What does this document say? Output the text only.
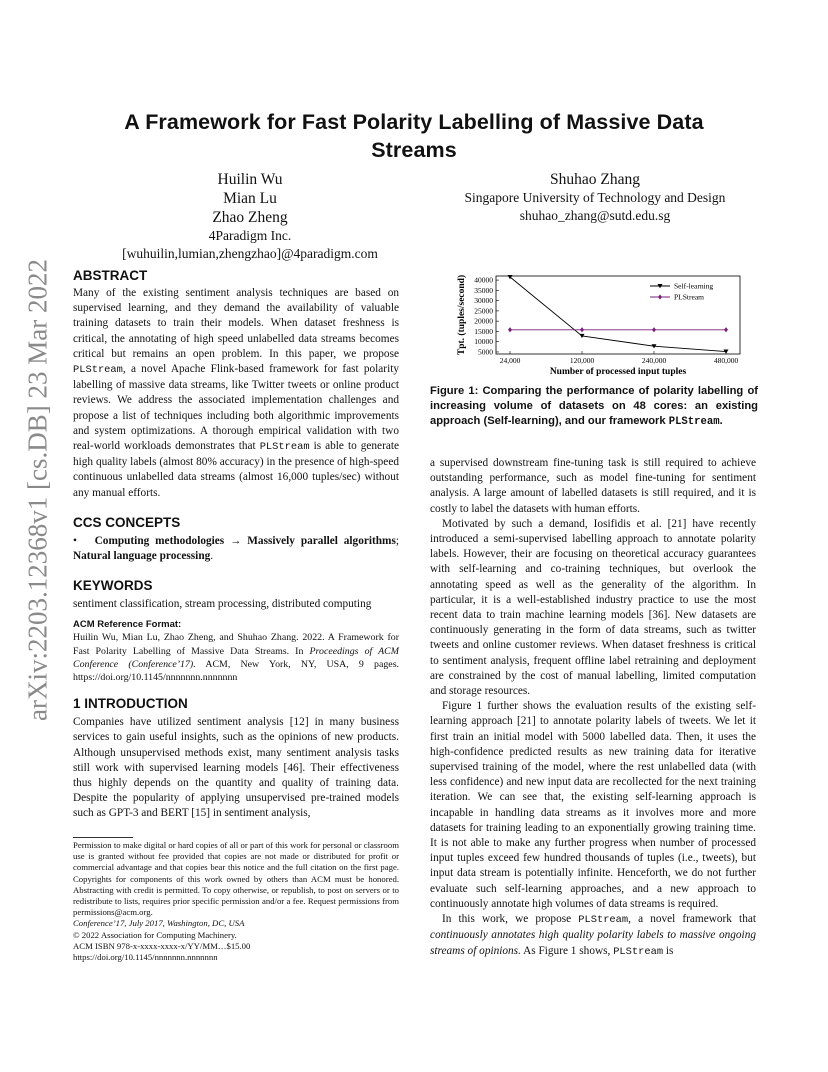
arXiv:2203.12368v1 [cs.DB] 23 Mar 2022
A Framework for Fast Polarity Labelling of Massive Data Streams
Huilin Wu
Mian Lu
Zhao Zheng
4Paradigm Inc.
[wuhuilin,lumian,zhengzhao]@4paradigm.com
Shuhao Zhang
Singapore University of Technology and Design
shuhao_zhang@sutd.edu.sg
ABSTRACT

Many of the existing sentiment analysis techniques are based on supervised learning, and they demand the availability of valuable training datasets to train their models. When dataset freshness is critical, the annotating of high speed unlabelled data streams becomes critical but remains an open problem. In this paper, we propose PLStream, a novel Apache Flink-based framework for fast polarity labelling of massive data streams, like Twitter tweets or online product reviews. We address the associated implementation challenges and propose a list of techniques including both algorithmic improvements and system optimizations. A thorough empirical validation with two real-world workloads demonstrates that PLStream is able to generate high quality labels (almost 80% accuracy) in the presence of high-speed continuous unlabelled data streams (almost 16,000 tuples/sec) without any manual efforts.

CCS CONCEPTS

• Computing methodologies → Massively parallel algorithms; Natural language processing.

KEYWORDS

sentiment classification, stream processing, distributed computing

ACM Reference Format:

Huilin Wu, Mian Lu, Zhao Zheng, and Shuhao Zhang. 2022. A Framework for Fast Polarity Labelling of Massive Data Streams. In Proceedings of ACM Conference (Conference’17). ACM, New York, NY, USA, 9 pages. https://doi.org/10.1145/nnnnnnn.nnnnnnn

1 INTRODUCTION

Companies have utilized sentiment analysis [12] in many business services to gain useful insights, such as the opinions of new products. Although unsupervised methods exist, many sentiment analysis tasks still work with supervised learning models [46]. Their effectiveness thus highly depends on the quantity and quality of training data. Despite the popularity of applying unsupervised pre-trained models such as GPT-3 and BERT [15] in sentiment analysis,

Permission to make digital or hard copies of all or part of this work for personal or classroom use is granted without fee provided that copies are not made or distributed for profit or commercial advantage and that copies bear this notice and the full citation on the first page. Copyrights for components of this work owned by others than ACM must be honored. Abstracting with credit is permitted. To copy otherwise, or republish, to post on servers or to redistribute to lists, requires prior specific permission and/or a fee. Request permissions from permissions@acm.org.

Conference’17, July 2017, Washington, DC, USA

© 2022 Association for Computing Machinery.

ACM ISBN 978-x-xxxx-xxxx-x/YY/MM…$15.00

https://doi.org/10.1145/nnnnnnn.nnnnnnn

5000
10000
15000
20000
25000
30000
35000
40000
24,000	120,000	240,000	480,000
Number of processed input tuples
Tpt. (tuples/second)	Self-learning
PLStream
Figure 1: Comparing the performance of polarity labelling of increasing volume of datasets on 48 cores: an existing approach (Self-learning), and our framework PLStream.

a supervised downstream fine-tuning task is still required to achieve outstanding performance, such as model fine-tuning for sentiment analysis. A large amount of labelled datasets is still required, and it is costly to label the datasets with human efforts.

Motivated by such a demand, Iosifidis et al. [21] have recently introduced a semi-supervised labelling approach to annotate polarity labels. However, their are focusing on theoretical accuracy guarantees with self-learning and co-training techniques, but overlook the annotating speed as well as the generality of the algorithm. In particular, it is a well-established industry practice to use the most recent data to train machine learning models [36]. New datasets are continuously generating in the form of data streams, such as twitter tweets and online customer reviews. When dataset freshness is critical to sentiment analysis, frequent offline label retraining and deployment are constrained by the cost of manual labelling, limited computation and storage resources.

Figure 1 further shows the evaluation results of the existing self-learning approach [21] to annotate polarity labels of tweets. We let it first train an initial model with 5000 labelled data. Then, it uses the high-confidence predicted results as new training data for iterative supervised training of the model, where the rest unlabelled data (with less confidence) and new input data are recollected for the next training iteration. We can see that, the existing self-learning approach is incapable in handling data streams as it involves more and more datasets for training leading to an exponentially growing training time. It is not able to make any further progress when number of processed input tuples exceed few hundred thousands of tuples (i.e., tweets), but input data stream is potentially infinite. Henceforth, we do not further evaluate such self-learning approaches, and a new approach to continuously annotate high volumes of data streams is required.

In this work, we propose PLStream, a novel framework that continuously annotates high quality polarity labels to massive ongoing streams of opinions. As Figure 1 shows, PLStream is
